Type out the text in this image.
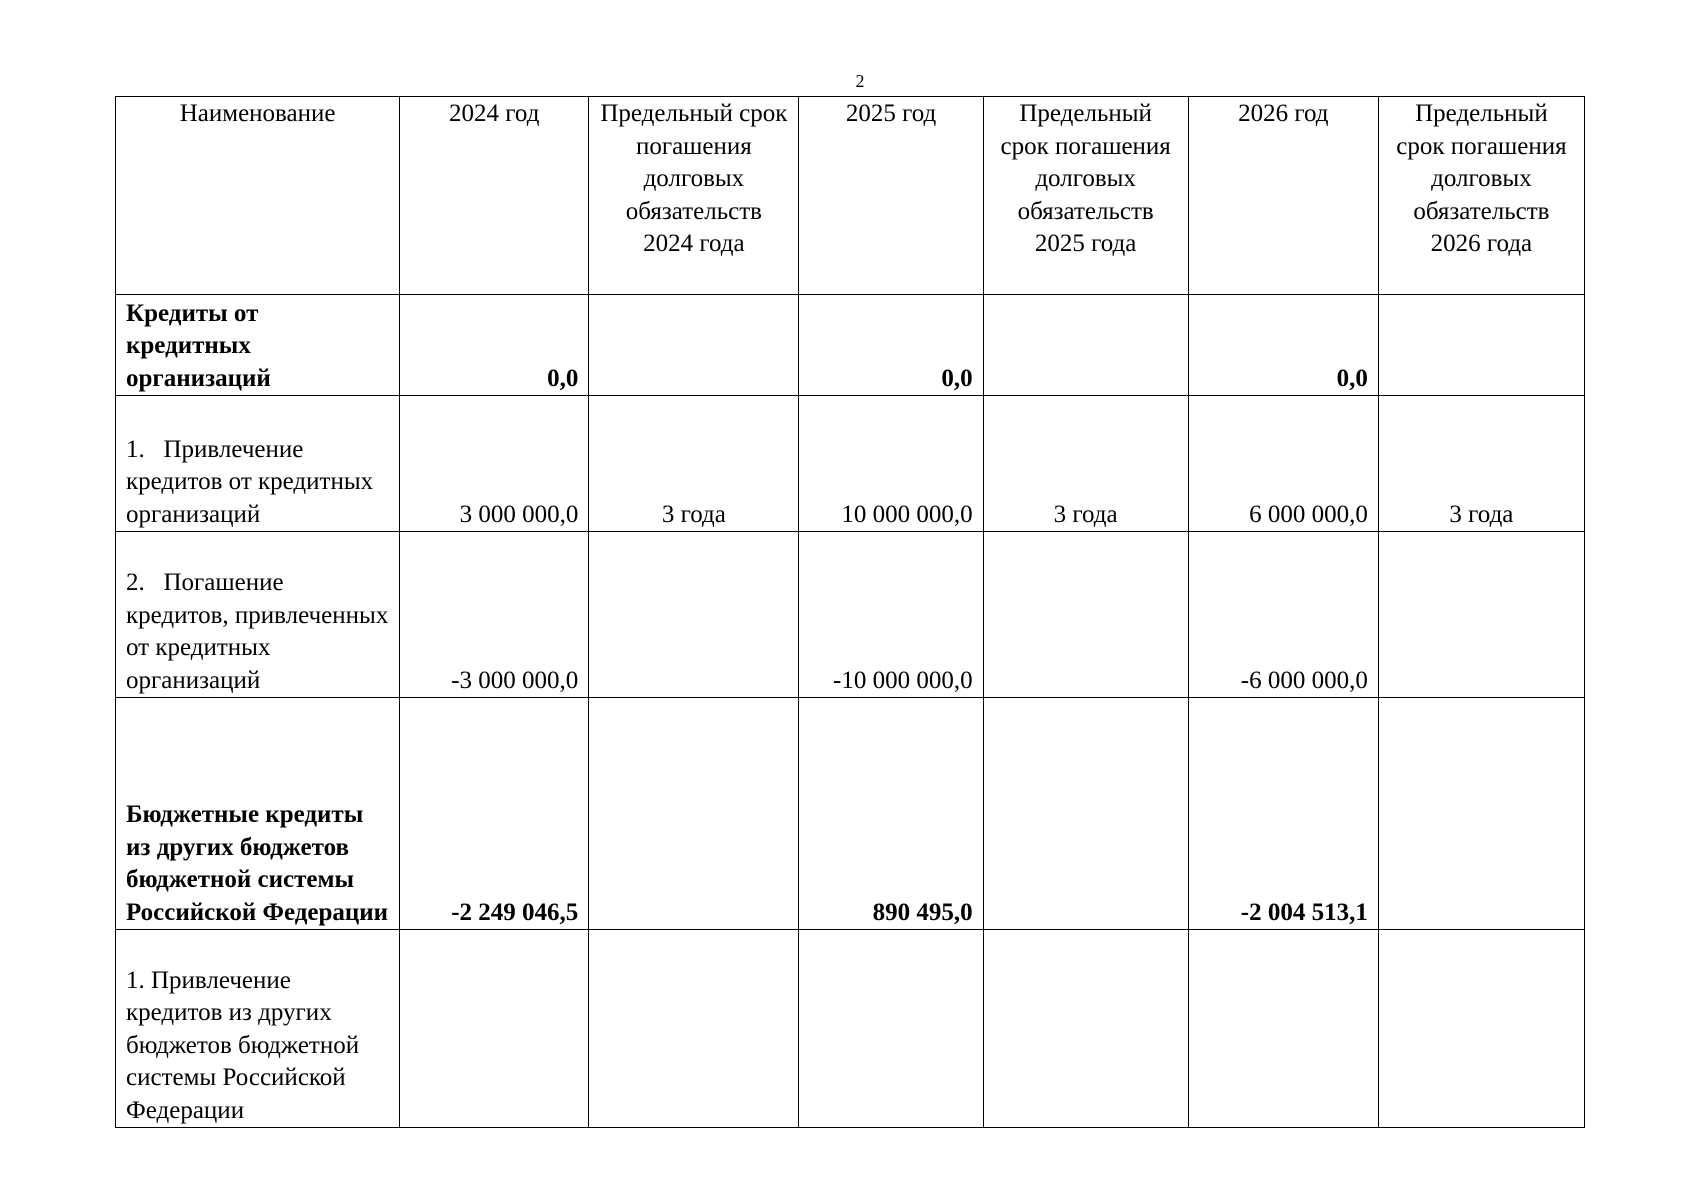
2
Наименование	2024 год	Предельный срок погашения долговых обязательств 2024 года	2025 год	Предельный срок погашения долговых обязательств 2025 года	2026 год	Предельный срок погашения долговых обязательств 2026 года
Кредиты от кредитных организаций	0,0		0,0		0,0	
1.   Привлечение кредитов от кредитных организаций	3 000 000,0	3 года	10 000 000,0	3 года	6 000 000,0	3 года
2.   Погашение кредитов, привлеченных от кредитных организаций	-3 000 000,0		-10 000 000,0		-6 000 000,0	
Бюджетные кредиты из других бюджетов бюджетной системы Российской Федерации	-2 249 046,5		890 495,0		-2 004 513,1	
1. Привлечение кредитов из других бюджетов бюджетной системы Российской Федерации						
